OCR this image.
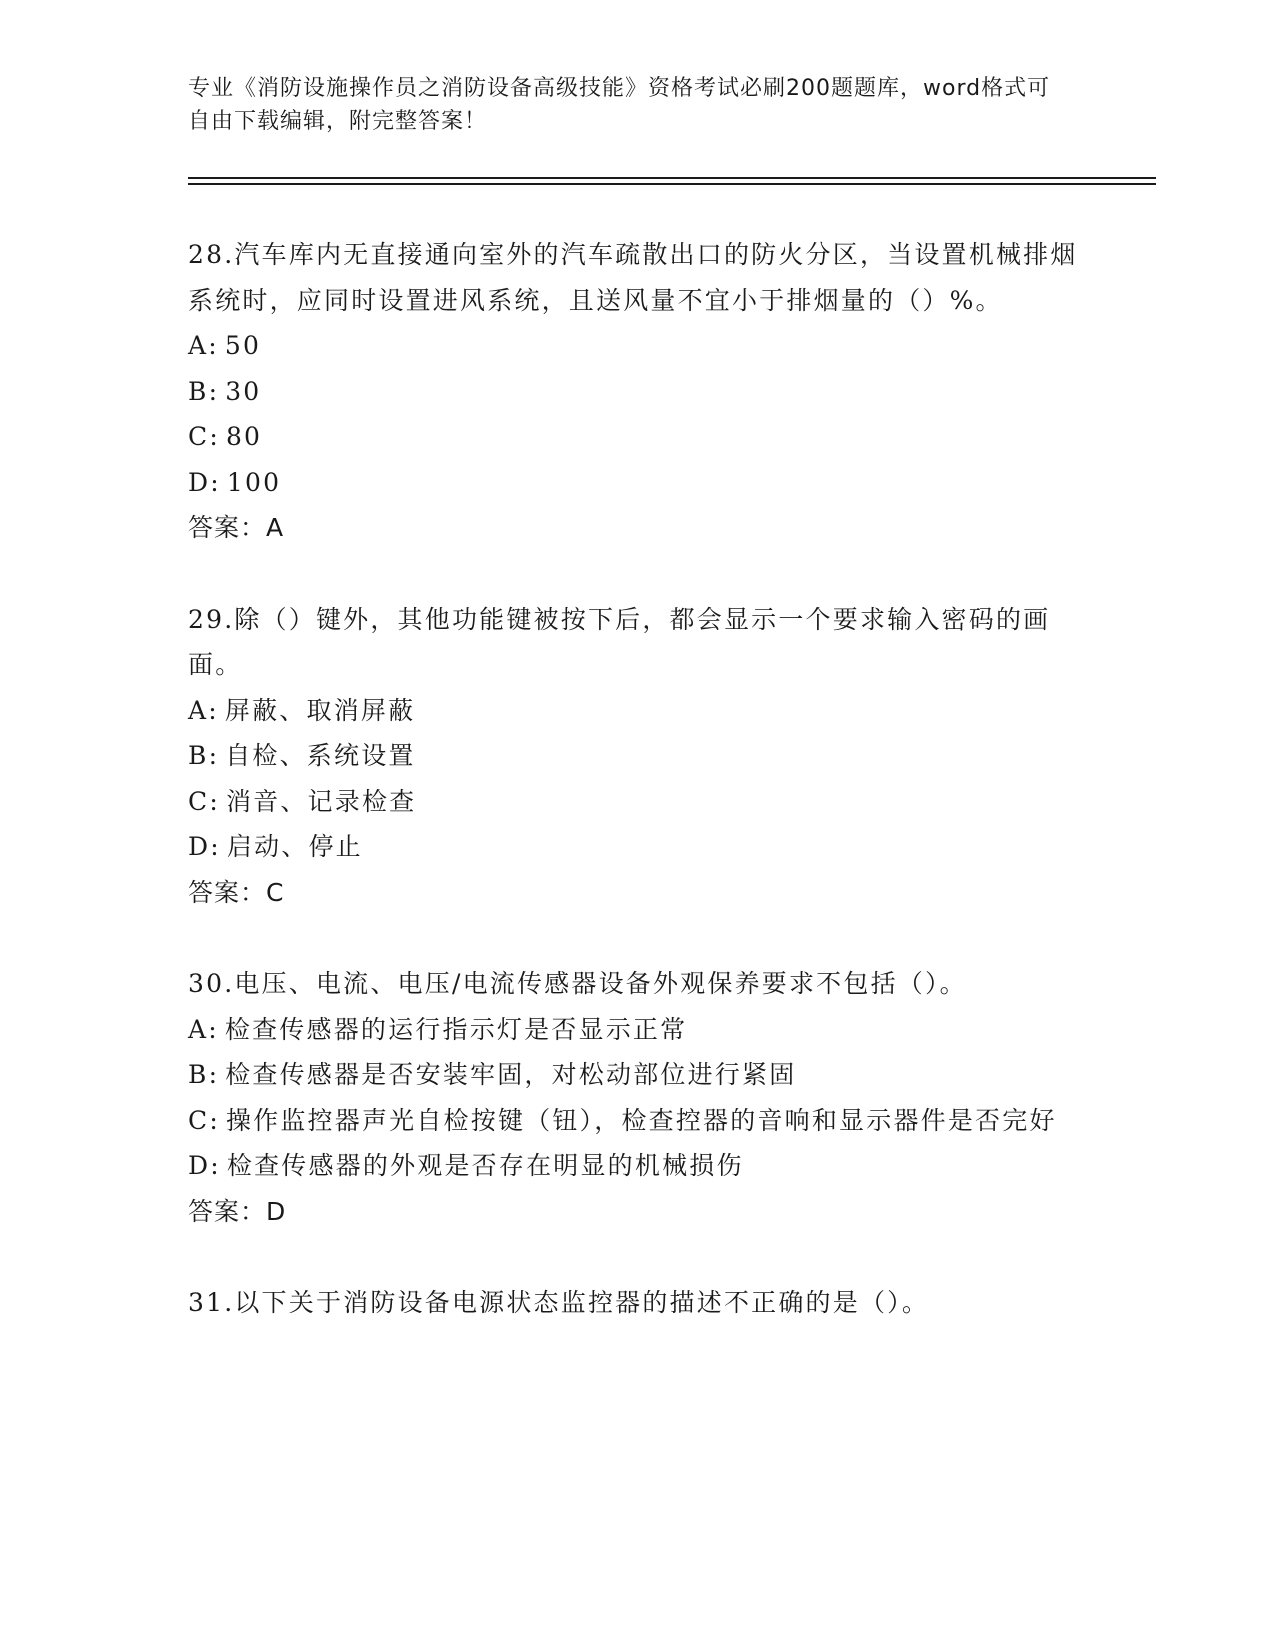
专业《消防设施操作员之消防设备高级技能》资格考试必刷200题题库，word格式可自由下载编辑，附完整答案！
28.汽车库内无直接通向室外的汽车疏散出口的防火分区，当设置机械排烟系统时，应同时设置进风系统，且送风量不宜小于排烟量的（）%。
A: 50
B: 30
C: 80
D: 100
答案：A
29.除（）键外，其他功能键被按下后，都会显示一个要求输入密码的画面。
A: 屏蔽、取消屏蔽
B: 自检、系统设置
C: 消音、记录检查
D: 启动、停止
答案：C
30.电压、电流、电压/电流传感器设备外观保养要求不包括（）。
A: 检查传感器的运行指示灯是否显示正常
B: 检查传感器是否安装牢固，对松动部位进行紧固
C: 操作监控器声光自检按键（钮），检查控器的音响和显示器件是否完好
D: 检查传感器的外观是否存在明显的机械损伤
答案：D
31.以下关于消防设备电源状态监控器的描述不正确的是（）。
